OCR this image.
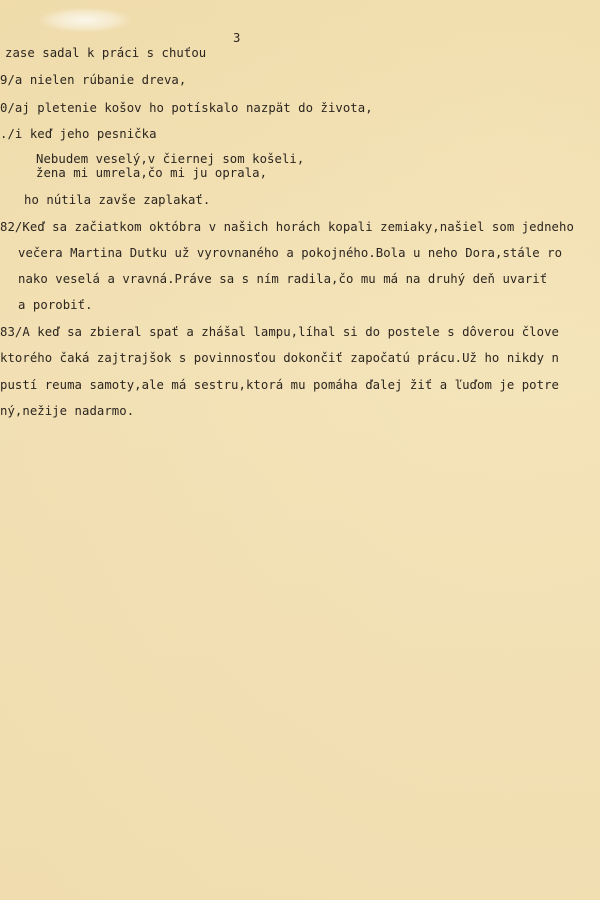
3
zase sadal k práci s chuťou
9/a nielen rúbanie dreva,
0/aj pletenie košov ho potískalo nazpät do života,
./i keď jeho pesnička
Nebudem veselý,v čiernej som košeli,
žena mi umrela,čo mi ju oprala,
ho nútila zavše zaplakať.
82/Keď sa začiatkom októbra v našich horách kopali zemiaky,našiel som jedneho
večera Martina Dutku už vyrovnaného a pokojného.Bola u neho Dora,stále ro
nako veselá a vravná.Práve sa s ním radila,čo mu má na druhý deň uvariť
a porobiť.
83/A keď sa zbieral spať a zhášal lampu,líhal si do postele s dôverou člove
ktorého čaká zajtrajšok s povinnosťou dokončiť započatú prácu.Už ho nikdy n
pustí reuma samoty,ale má sestru,ktorá mu pomáha ďalej žiť a ľuďom je potre
ný,nežije nadarmo.
